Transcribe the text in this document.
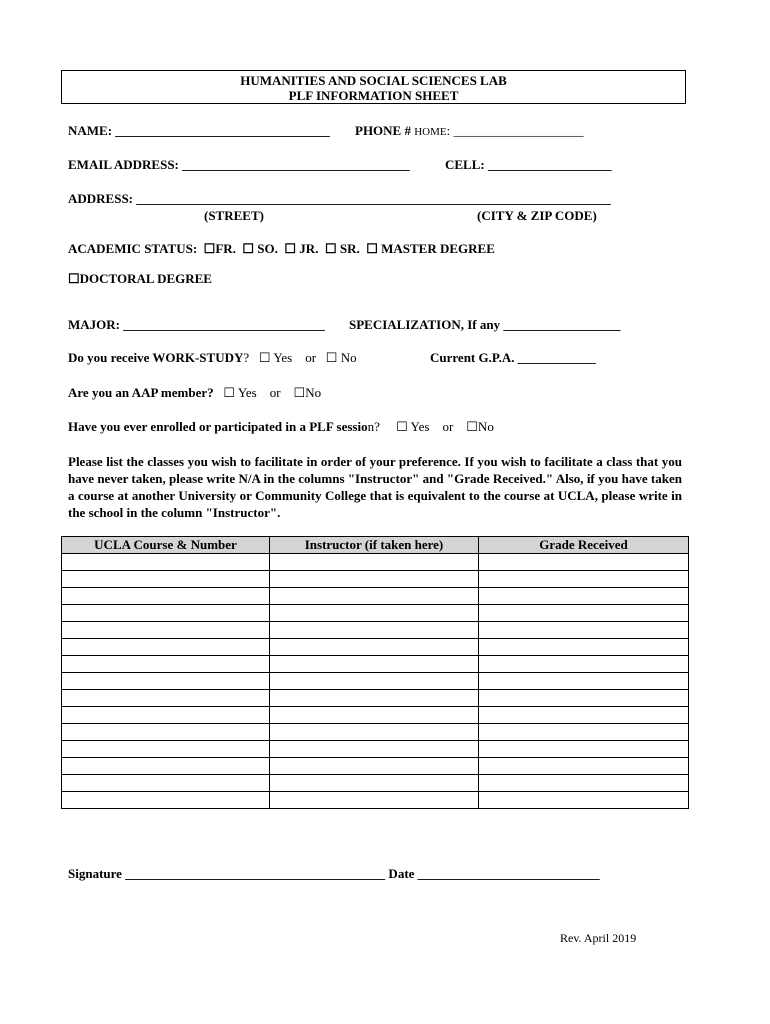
HUMANITIES AND SOCIAL SCIENCES LAB
PLF INFORMATION SHEET
NAME: _________________________________ PHONE # HOME: ____________________
EMAIL ADDRESS: ___________________________________	CELL: ___________________
ADDRESS: _________________________________________________________________________
(STREET)	(CITY & ZIP CODE)
ACADEMIC STATUS:  ☐FR.  ☐ SO.  ☐ JR.  ☐ SR.  ☐ MASTER DEGREE
☐DOCTORAL DEGREE
MAJOR: _______________________________ SPECIALIZATION, If any __________________
Do you receive WORK-STUDY?   ☐ Yes    or   ☐ No	Current G.P.A. ____________
Are you an AAP member?   ☐ Yes    or    ☐No
Have you ever enrolled or participated in a PLF session?     ☐ Yes    or    ☐No
Please list the classes you wish to facilitate in order of your preference. If you wish to facilitate a class that you have never taken, please write N/A in the columns "Instructor" and "Grade Received." Also, if you have taken a course at another University or Community College that is equivalent to the course at UCLA, please write in the school in the column "Instructor".
UCLA Course & Number	Instructor (if taken here)	Grade Received

Signature ________________________________________ Date ____________________________
Rev. April 2019
